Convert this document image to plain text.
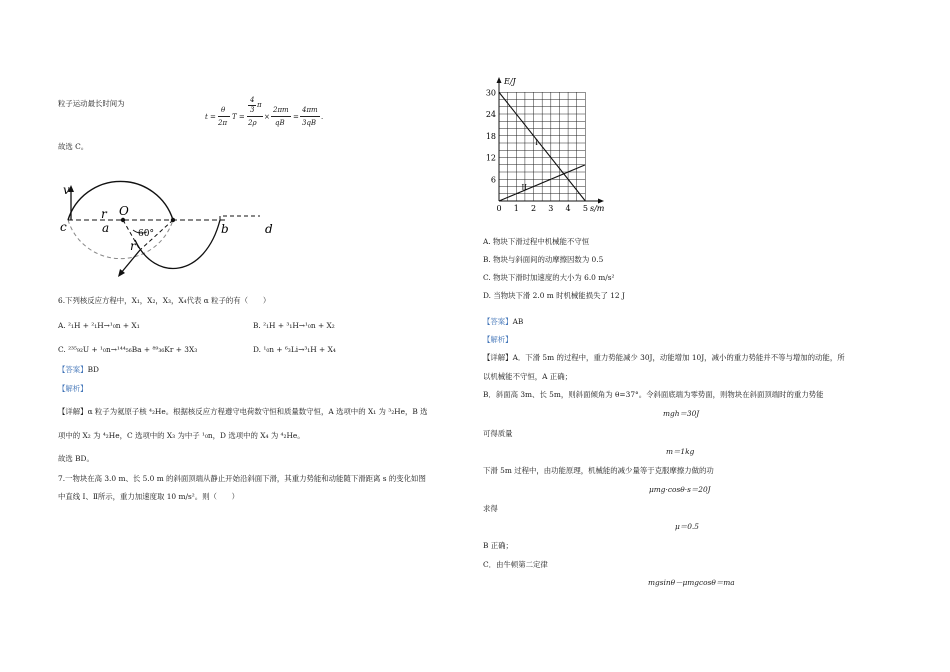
粒子运动最长时间为
t =
θ
2π
T =
4
3
π
2ρ
×
2πm
qB
=
4πm
3qB
.
故选 C。
v
c
r O
a	60°
r
b	d
6.下列核反应方程中，X₁，X₂，X₃，X₄代表 α 粒子的有（　　）
A. ²₁H + ²₁H→¹₀n + X₁	B. ²₁H + ³₁H→¹₀n + X₂
C. ²³⁵₉₂U + ¹₀n→¹⁴⁴₅₆Ba + ⁸⁹₃₆Kr + 3X₃	D. ¹₀n + ⁶₃Li→³₁H + X₄
【答案】BD
【解析】
【详解】α 粒子为氦原子核 ⁴₂He。根据核反应方程遵守电荷数守恒和质量数守恒，A 选项中的 X₁ 为 ³₂He，B 选
项中的 X₂ 为 ⁴₂He，C 选项中的 X₃ 为中子 ¹₀n，D 选项中的 X₄ 为 ⁴₂He。
故选 BD。
7.一物块在高 3.0 m、长 5.0 m 的斜面顶端从静止开始沿斜面下滑，其重力势能和动能随下滑距离 s 的变化如图
中直线 Ⅰ、Ⅱ所示，重力加速度取 10 m/s²。则（　　）
0 1 2 3 4 5
6
12
18
24
30
E/J
s/m
I
II
A. 物块下滑过程中机械能不守恒
B. 物块与斜面间的动摩擦因数为 0.5
C. 物块下滑时加速度的大小为 6.0 m/s²
D. 当物块下滑 2.0 m 时机械能损失了 12 J
【答案】AB
【解析】
【详解】A．下滑 5m 的过程中，重力势能减少 30J，动能增加 10J，减小的重力势能并不等与增加的动能，所
以机械能不守恒，A 正确；
B．斜面高 3m、长 5m，则斜面倾角为 θ=37°。令斜面底端为零势面，则物块在斜面顶端时的重力势能
mgh＝30J
可得质量
m＝1kg
下滑 5m 过程中，由功能原理，机械能的减少量等于克服摩擦力做的功
μmg·cosθ·s＝20J
求得
μ＝0.5
B 正确；
C．由牛顿第二定律
mgsinθ－μmgcosθ＝ma
